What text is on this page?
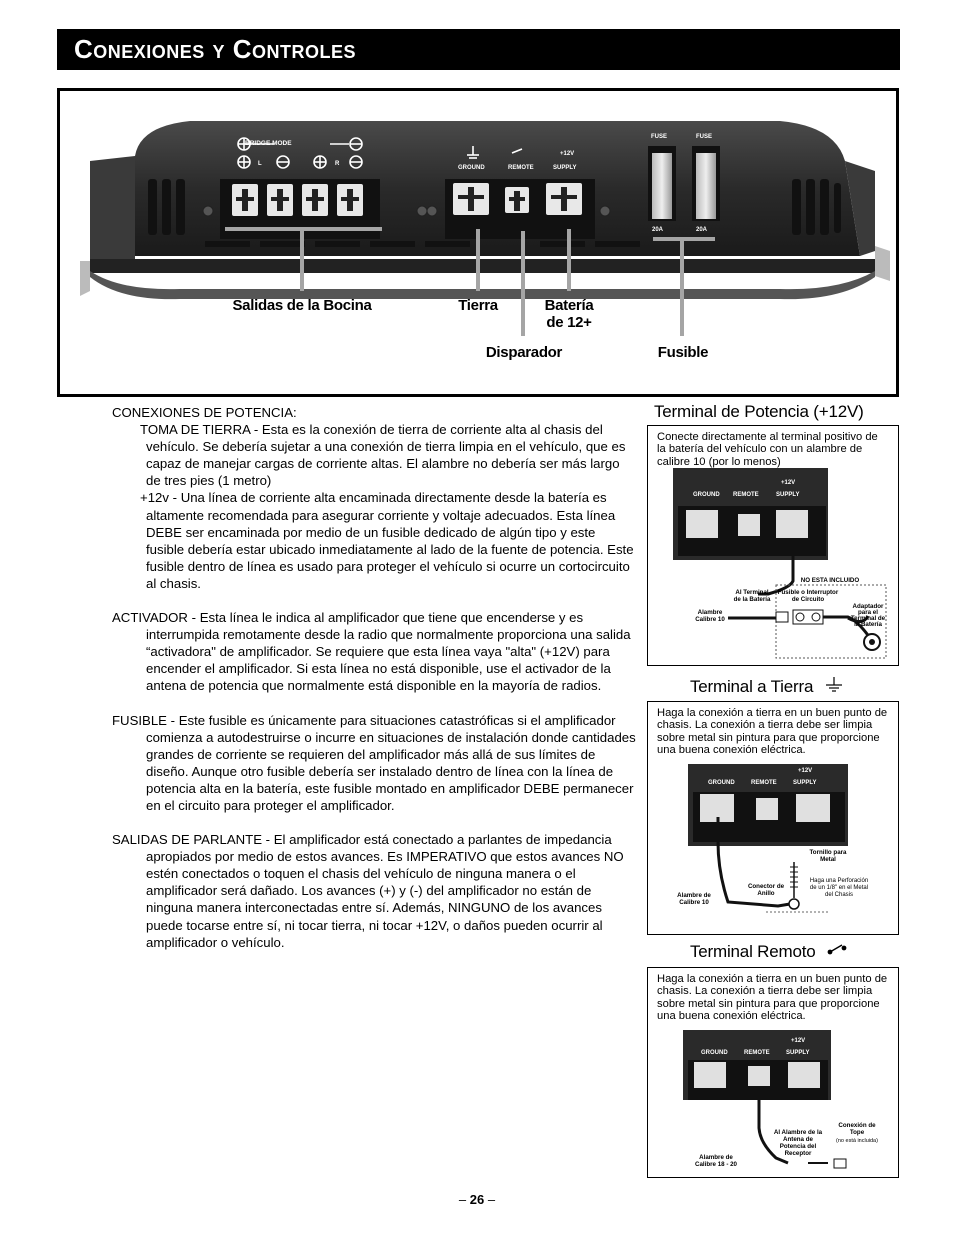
Conexiones y Controles
BRIDGE MODE
L	R
GROUND	REMOTE	SUPPLY
+12V
FUSE	FUSE
20A	20A
Salidas de la Bocina	Tierra	Batería
de 12+
Disparador	Fusible
CONEXIONES DE POTENCIA:

TOMA DE TIERRA - Esta es la conexión de tierra de corriente alta al chasis del vehículo. Se debería sujetar a una conexión de tierra limpia en el vehículo, que es capaz de manejar cargas de corriente altas. El alambre no debería ser más largo de tres pies (1 metro)

+12v - Una línea de corriente alta encaminada directamente desde la batería es altamente recomendada para asegurar corriente y voltaje adecuados. Esta línea DEBE ser encaminada por medio de un fusible dedicado de algún tipo y este fusible debería estar ubicado inmediatamente al lado de la fuente de potencia. Este fusible dentro de línea es usado para proteger el vehículo si ocurre un cortocircuito al chasis.

ACTIVADOR - Esta línea le indica al amplificador que tiene que encenderse y es interrumpida remotamente desde la radio que normalmente proporciona una salida “activadora" de amplificador. Se requiere que esta línea vaya "alta" (+12V) para encender el amplificador. Si esta línea no está disponible, use el activador de la antena de potencia que normalmente está disponible en la mayoría de radios.

FUSIBLE - Este fusible es únicamente para situaciones catastróficas si el amplificador comienza a autodestruirse o incurre en situaciones de instalación donde cantidades grandes de corriente se requieren del amplificador más allá de sus límites de diseño. Aunque otro fusible debería ser instalado dentro de línea con la línea de potencia alta en la batería, este fusible montado en amplificador DEBE permanecer en el circuito para proteger el amplificador.

SALIDAS DE PARLANTE - El amplificador está conectado a parlantes de impedancia apropiados por medio de estos avances. Es IMPERATIVO que estos avances NO estén conectados o toquen el chasis del vehículo de ninguna manera o el amplificador será dañado. Los avances (+) y (-) del amplificador no están de ninguna manera interconectadas entre sí. Además, NINGUNO de los avances puede tocarse entre sí, ni tocar tierra, ni tocar +12V, o daños pueden ocurrir al amplificador o vehículo.

Terminal de Potencia (+12V)
Conecte directamente al terminal positivo de la batería del vehículo con un alambre de calibre 10 (por lo menos)
GROUND REMOTE	SUPPLY
+12V
NO ESTA INCLUIDO
Al Terminal
de la Batería
Fusible o Interruptor
de Circuito
Alambre
Calibre 10
Adaptador
para el
Terminal de
la Batería
Terminal a Tierra
Haga la conexión a tierra en un buen punto de chasis. La conexión a tierra debe ser limpia sobre metal sin pintura para que proporcione una buena conexión eléctrica.
GROUND	REMOTE	SUPPLY
+12V
Tornillo para
Metal
Conector de
Anillo
Alambre de
Calibre 10
Haga una Perforación
de un 1/8" en el Metal
del Chasis
Terminal Remoto
Haga la conexión a tierra en un buen punto de chasis. La conexión a tierra debe ser limpia sobre metal sin pintura para que proporcione una buena conexión eléctrica.
GROUND	REMOTE	SUPPLY
+12V
Al Alambre de la
Antena de
Potencia del
Receptor
Conexión de
Tope
Alambre de
Calibre 18 - 20
(no está incluida)
– 26 –
